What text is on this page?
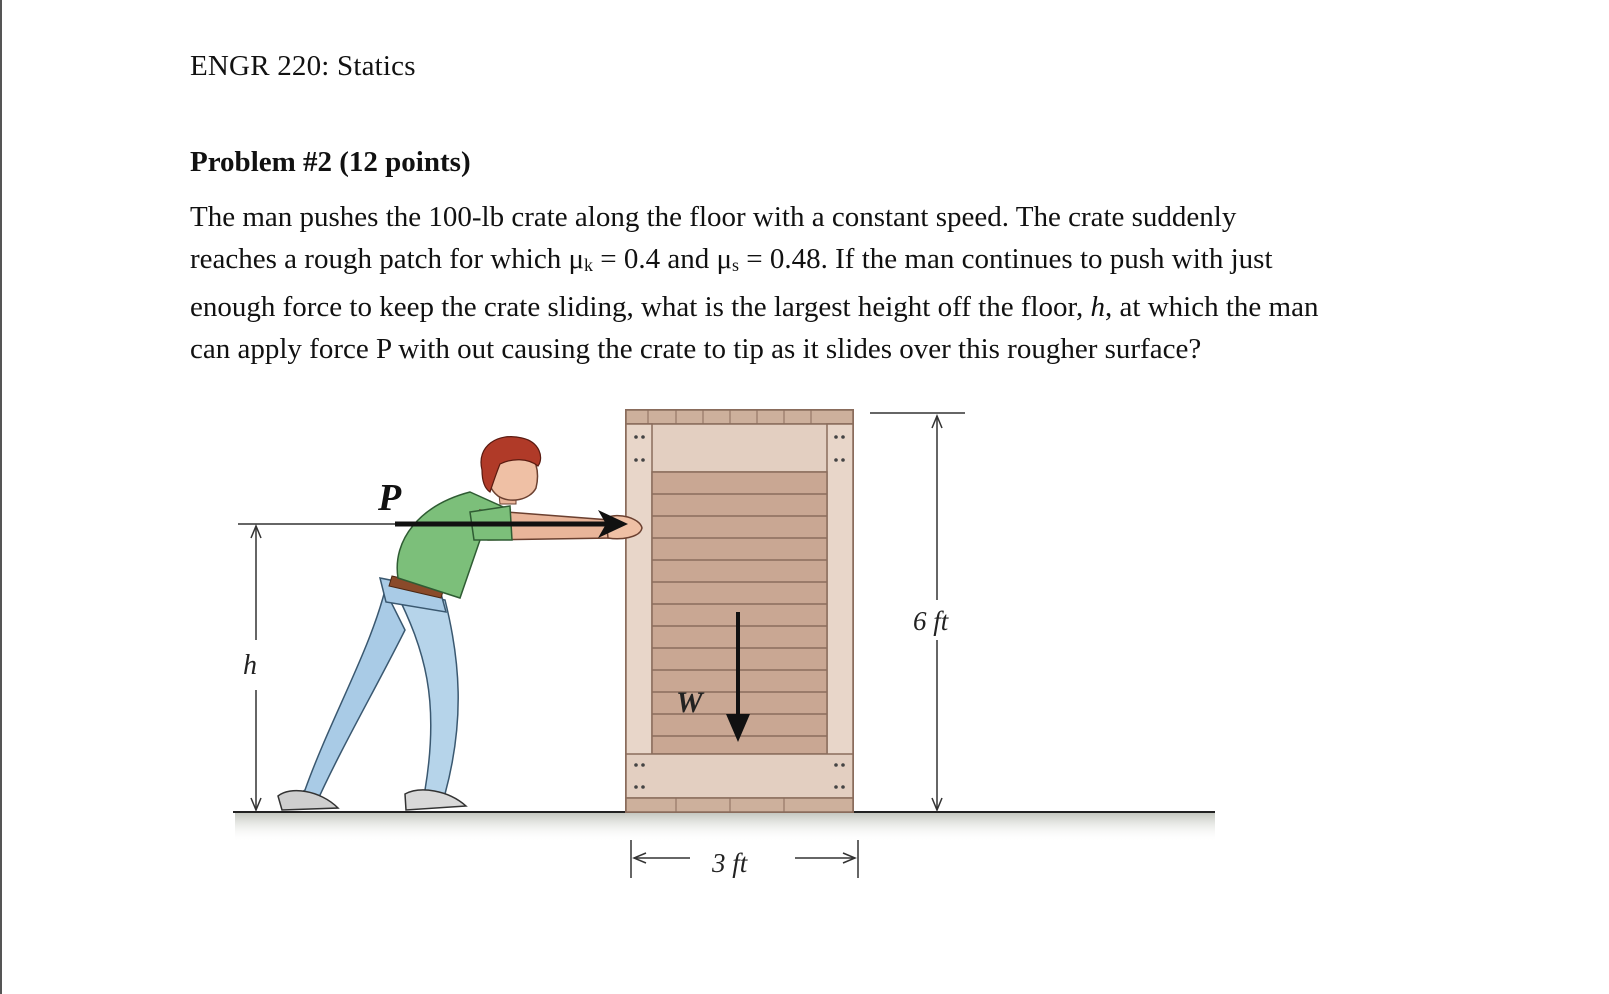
ENGR 220: Statics
Problem #2 (12 points)
The man pushes the 100-lb crate along the floor with a constant speed. The crate suddenly
reaches a rough patch for which μk = 0.4 and μs = 0.48. If the man continues to push with just
enough force to keep the crate sliding, what is the largest height off the floor, h, at which the man
can apply force P with out causing the crate to tip as it slides over this rougher surface?
W
P
h
6 ft
3 ft
